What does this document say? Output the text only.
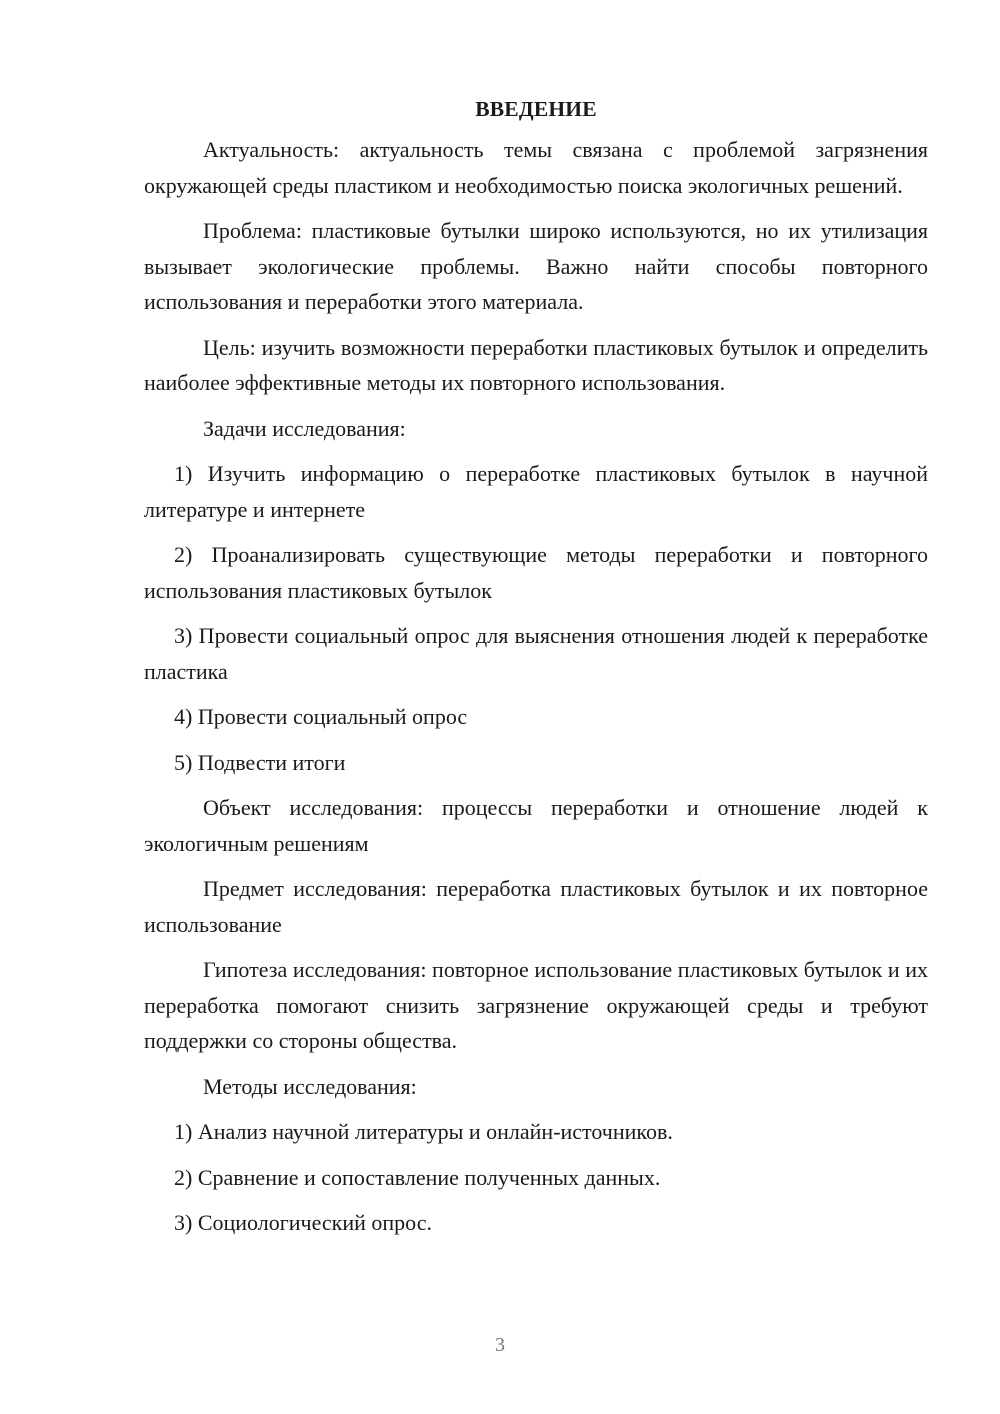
ВВЕДЕНИЕ

Актуальность: актуальность темы связана с проблемой загрязнения окружающей среды пластиком и необходимостью поиска экологичных решений.

Проблема: пластиковые бутылки широко используются, но их утилизация вызывает экологические проблемы. Важно найти способы повторного использования и переработки этого материала.

Цель: изучить возможности переработки пластиковых бутылок и определить наиболее эффективные методы их повторного использования.

Задачи исследования:

1) Изучить информацию о переработке пластиковых бутылок в научной литературе и интернете

2) Проанализировать существующие методы переработки и повторного использования пластиковых бутылок

3) Провести социальный опрос для выяснения отношения людей к переработке пластика

4) Провести социальный опрос

5) Подвести итоги

Объект исследования: процессы переработки и отношение людей к экологичным решениям

Предмет исследования: переработка пластиковых бутылок и их повторное использование

Гипотеза исследования: повторное использование пластиковых бутылок и их переработка помогают снизить загрязнение окружающей среды и требуют поддержки со стороны общества.

Методы исследования:

1) Анализ научной литературы и онлайн-источников.

2) Сравнение и сопоставление полученных данных.

3) Социологический опрос.

3
